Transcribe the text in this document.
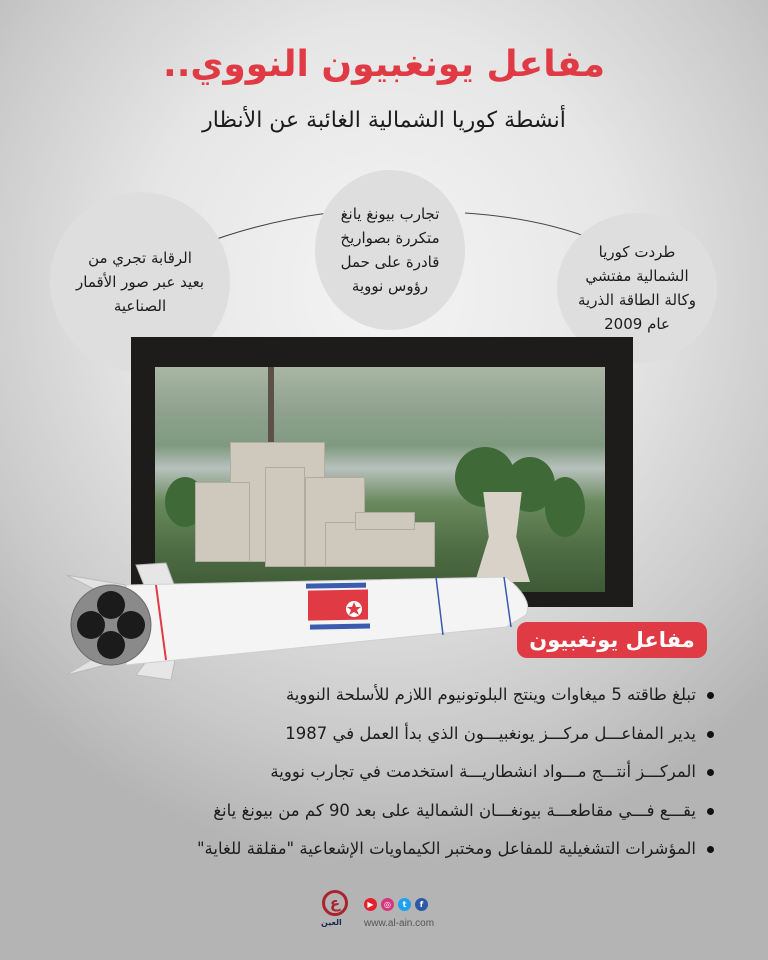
مفاعل يونغبيون النووي..
أنشطة كوريا الشمالية الغائبة عن الأنظار
الرقابة تجري من
بعيد عبر صور الأقمار
الصناعية
تجارب بيونغ يانغ
متكررة بصواريخ
قادرة على حمل
رؤوس نووية
طردت كوريا
الشمالية مفتشي
وكالة الطاقة الذرية
عام 2009
مفاعل يونغبيون
تبلغ طاقته 5 ميغاوات وينتج البلوتونيوم اللازم للأسلحة النووية
يدير المفاعـــل مركـــز يونغبيـــون الذي بدأ العمل في 1987
المركـــز أنتـــج مـــواد انشطاريـــة استخدمت في تجارب نووية
يقـــع فـــي مقاطعـــة بيونغـــان الشمالية على بعد 90 كم من بيونغ يانغ
المؤشرات التشغيلية للمفاعل ومختبر الكيماويات الإشعاعية "مقلقة للغاية"
ع
العين
▶	◎	t	f
www.al-ain.com
